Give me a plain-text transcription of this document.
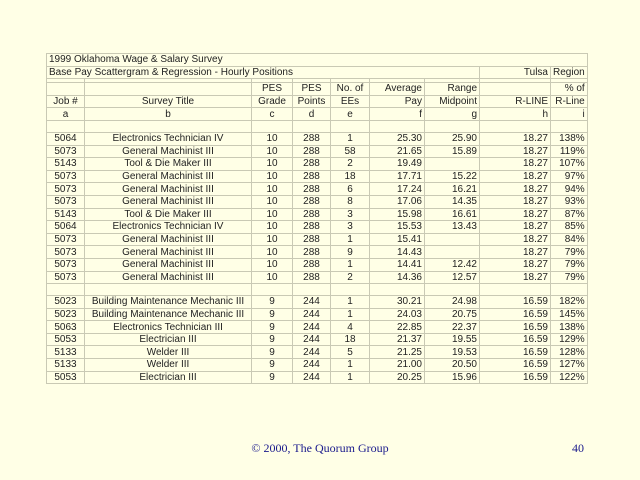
1999 Oklahoma Wage & Salary Survey								
Base Pay Scattergram & Regression - Hourly Positions							Tulsa	Region

		PES	PES	No. of	Average	Range		% of
Job #	Survey Title	Grade	Points	EEs	Pay	Midpoint	R-LINE	R-Line
a	b	c	d	e	f	g	h	i

5064	Electronics Technician IV	10	288	1	25.30	25.90	18.27	138%
5073	General Machinist III	10	288	58	21.65	15.89	18.27	119%
5143	Tool & Die Maker III	10	288	2	19.49		18.27	107%
5073	General Machinist III	10	288	18	17.71	15.22	18.27	97%
5073	General Machinist III	10	288	6	17.24	16.21	18.27	94%
5073	General Machinist III	10	288	8	17.06	14.35	18.27	93%
5143	Tool & Die Maker III	10	288	3	15.98	16.61	18.27	87%
5064	Electronics Technician IV	10	288	3	15.53	13.43	18.27	85%
5073	General Machinist III	10	288	1	15.41		18.27	84%
5073	General Machinist III	10	288	9	14.43		18.27	79%
5073	General Machinist III	10	288	1	14.41	12.42	18.27	79%
5073	General Machinist III	10	288	2	14.36	12.57	18.27	79%

5023	Building Maintenance Mechanic III	9	244	1	30.21	24.98	16.59	182%
5023	Building Maintenance Mechanic III	9	244	1	24.03	20.75	16.59	145%
5063	Electronics Technician III	9	244	4	22.85	22.37	16.59	138%
5053	Electrician III	9	244	18	21.37	19.55	16.59	129%
5133	Welder III	9	244	5	21.25	19.53	16.59	128%
5133	Welder III	9	244	1	21.00	20.50	16.59	127%
5053	Electrician III	9	244	1	20.25	15.96	16.59	122%
© 2000, The Quorum Group	40
